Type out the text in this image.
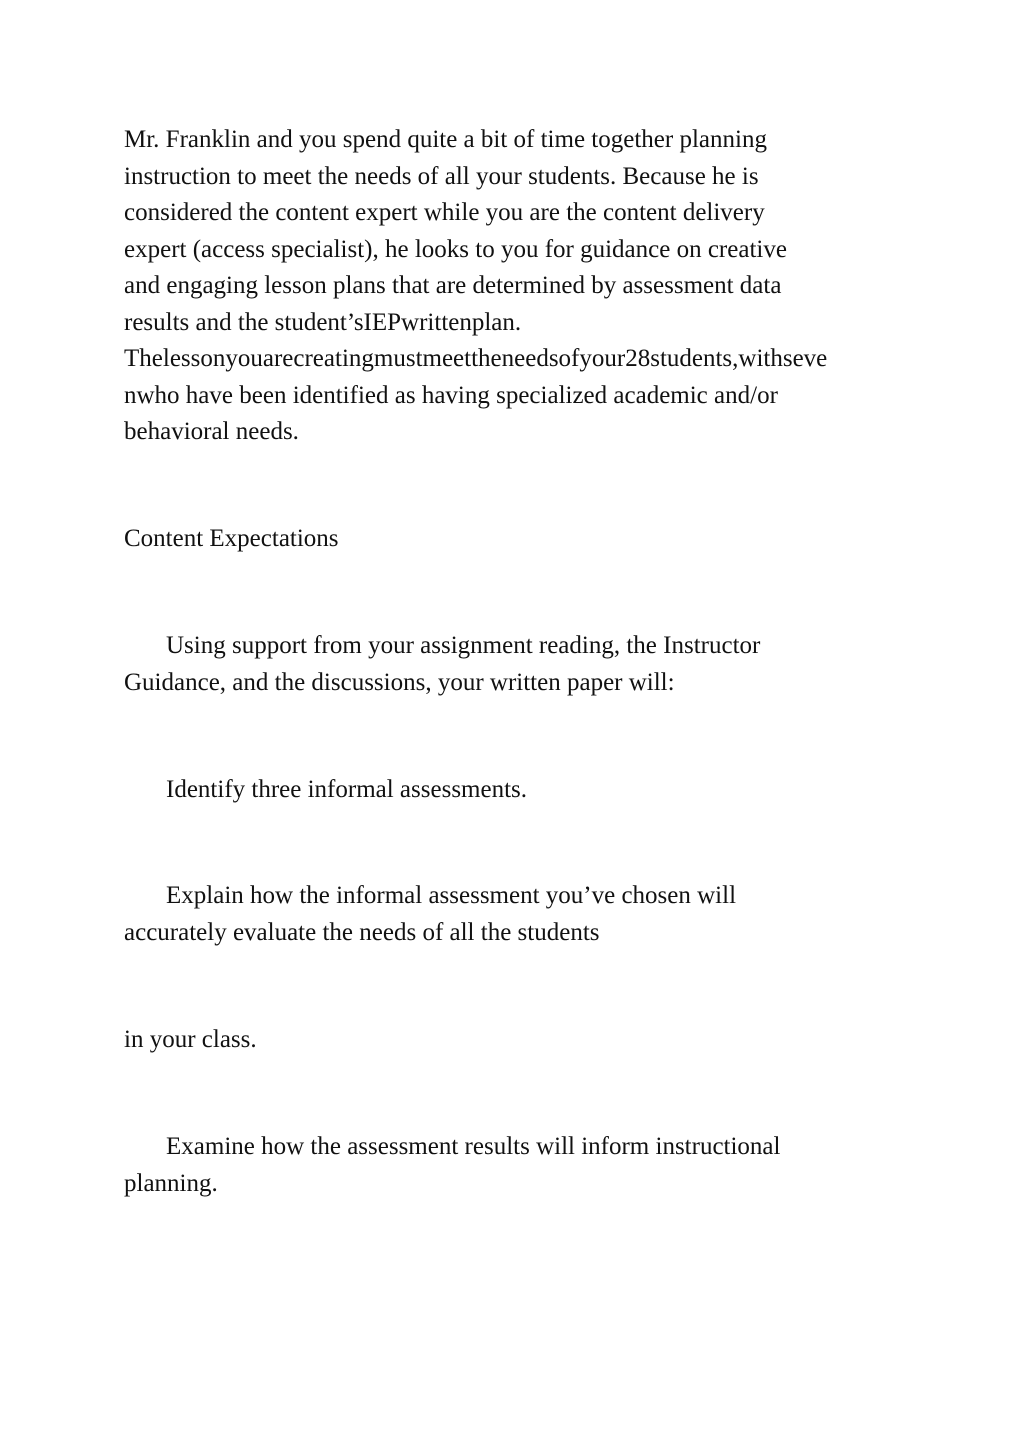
Mr. Franklin and you spend quite a bit of time together planning

instruction to meet the needs of all your students. Because he is

considered the content expert while you are the content delivery

expert (access specialist), he looks to you for guidance on creative

and engaging lesson plans that are determined by assessment data

results and the student’sIEPwrittenplan.

Thelessonyouarecreatingmustmeettheneedsofyour28students,withseve

nwho have been identified as having specialized academic and/or

behavioral needs.

Content Expectations

Using support from your assignment reading, the Instructor

Guidance, and the discussions, your written paper will:

Identify three informal assessments.

Explain how the informal assessment you’ve chosen will

accurately evaluate the needs of all the students

in your class.

Examine how the assessment results will inform instructional

planning.
